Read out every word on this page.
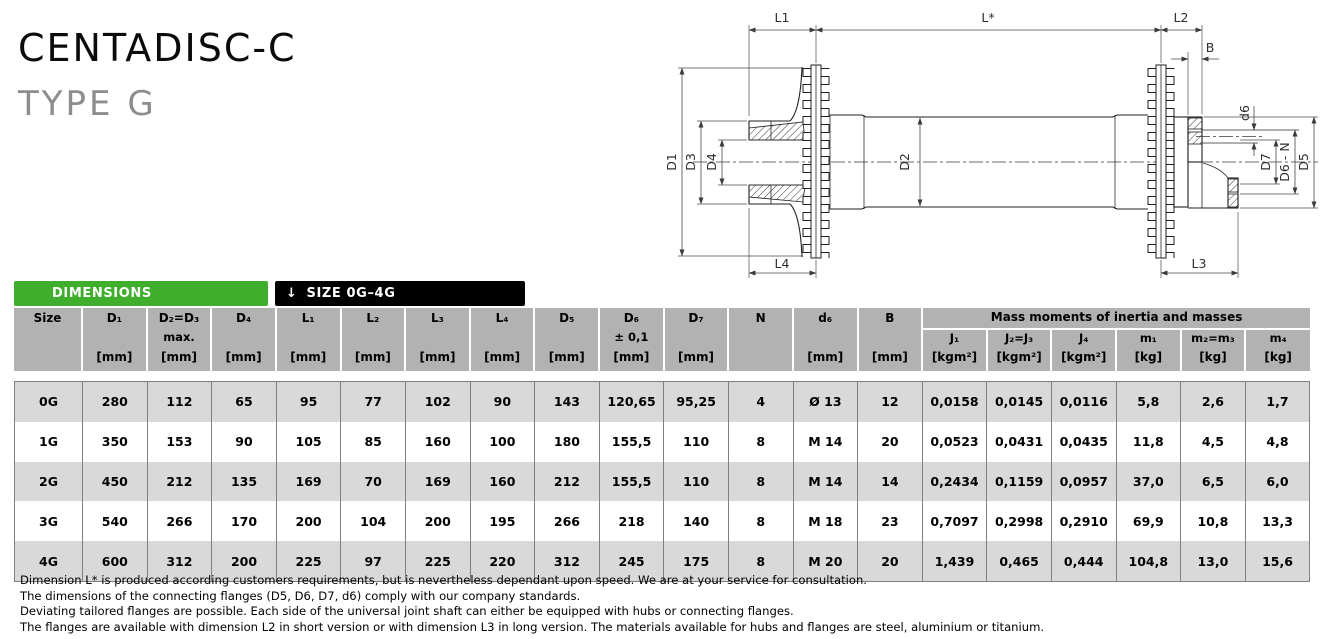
CENTADISC-C
TYPE G
L1	L*	L2
B
d6
D1 D3 D4	D2	D7 D6 - N D5
L4	L3
DIMENSIONS	↓ SIZE 0G–4G
Size	D₁	D₂=D₃	D₄	L₁	L₂	L₃	L₄	D₅	D₆	D₇	N	d₆	B	Mass moments of inertia and masses					
		max.							± 0,1					J₁	J₂=J₃	J₄	m₁	m₂=m₃	m₄
	[mm]	[mm]	[mm]	[mm]	[mm]	[mm]	[mm]	[mm]	[mm]	[mm]		[mm]	[mm]	[kgm²]	[kgm²]	[kgm²]	[kg]	[kg]	[kg]
0G	280	112	65	95	77	102	90	143	120,65	95,25	4	Ø 13	12	0,0158	0,0145	0,0116	5,8	2,6	1,7
1G	350	153	90	105	85	160	100	180	155,5	110	8	M 14	20	0,0523	0,0431	0,0435	11,8	4,5	4,8
2G	450	212	135	169	70	169	160	212	155,5	110	8	M 14	14	0,2434	0,1159	0,0957	37,0	6,5	6,0
3G	540	266	170	200	104	200	195	266	218	140	8	M 18	23	0,7097	0,2998	0,2910	69,9	10,8	13,3
4G	600	312	200	225	97	225	220	312	245	175	8	M 20	20	1,439	0,465	0,444	104,8	13,0	15,6
Dimension L* is produced according customers requirements, but is nevertheless dependant upon speed. We are at your service for consultation.
The dimensions of the connecting flanges (D5, D6, D7, d6) comply with our company standards.
Deviating tailored flanges are possible. Each side of the universal joint shaft can either be equipped with hubs or connecting flanges.
The flanges are available with dimension L2 in short version or with dimension L3 in long version. The materials available for hubs and flanges are steel, aluminium or titanium.
